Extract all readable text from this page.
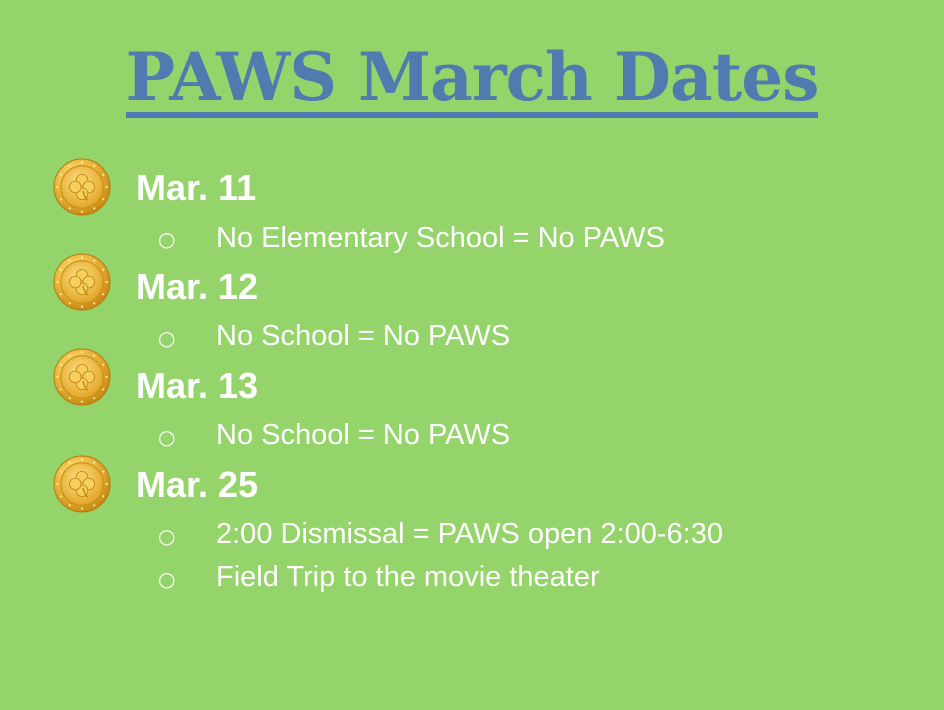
PAWS March Dates
Mar. 11
○ No Elementary School = No PAWS
Mar. 12
○ No School = No PAWS
Mar. 13
○ No School = No PAWS
Mar. 25
○ 2:00 Dismissal = PAWS open 2:00-6:30
○ Field Trip to the movie theater
